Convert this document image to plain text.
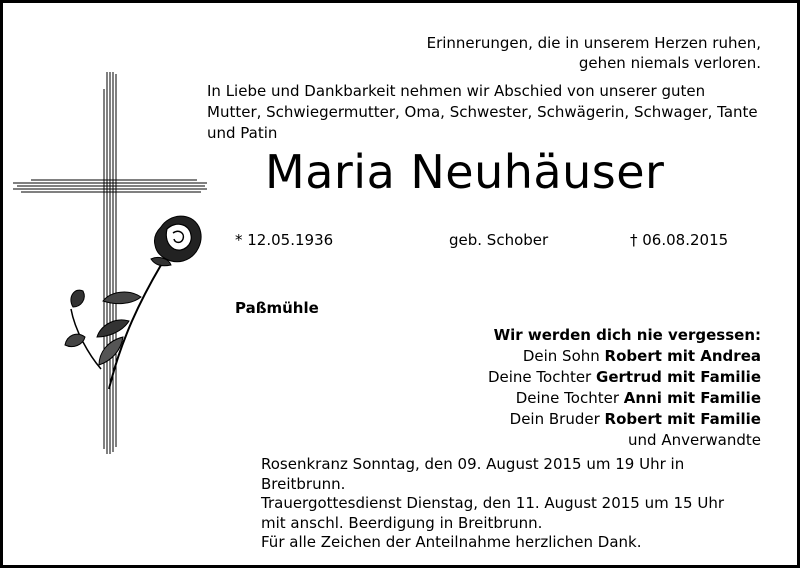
Erinnerungen, die in unserem Herzen ruhen,
gehen niemals verloren.
In Liebe und Dankbarkeit nehmen wir Abschied von unserer guten
Mutter, Schwiegermutter, Oma, Schwester, Schwägerin, Schwager, Tante
und Patin
Maria Neuhäuser
* 12.05.1936	geb. Schober	† 06.08.2015
Paßmühle
Wir werden dich nie vergessen:
Dein Sohn Robert mit Andrea
Deine Tochter Gertrud mit Familie
Deine Tochter Anni mit Familie
Dein Bruder Robert mit Familie
und Anverwandte
Rosenkranz Sonntag, den 09. August 2015 um 19 Uhr in
Breitbrunn.
Trauergottesdienst Dienstag, den 11. August 2015 um 15 Uhr
mit anschl. Beerdigung in Breitbrunn.
Für alle Zeichen der Anteilnahme herzlichen Dank.
